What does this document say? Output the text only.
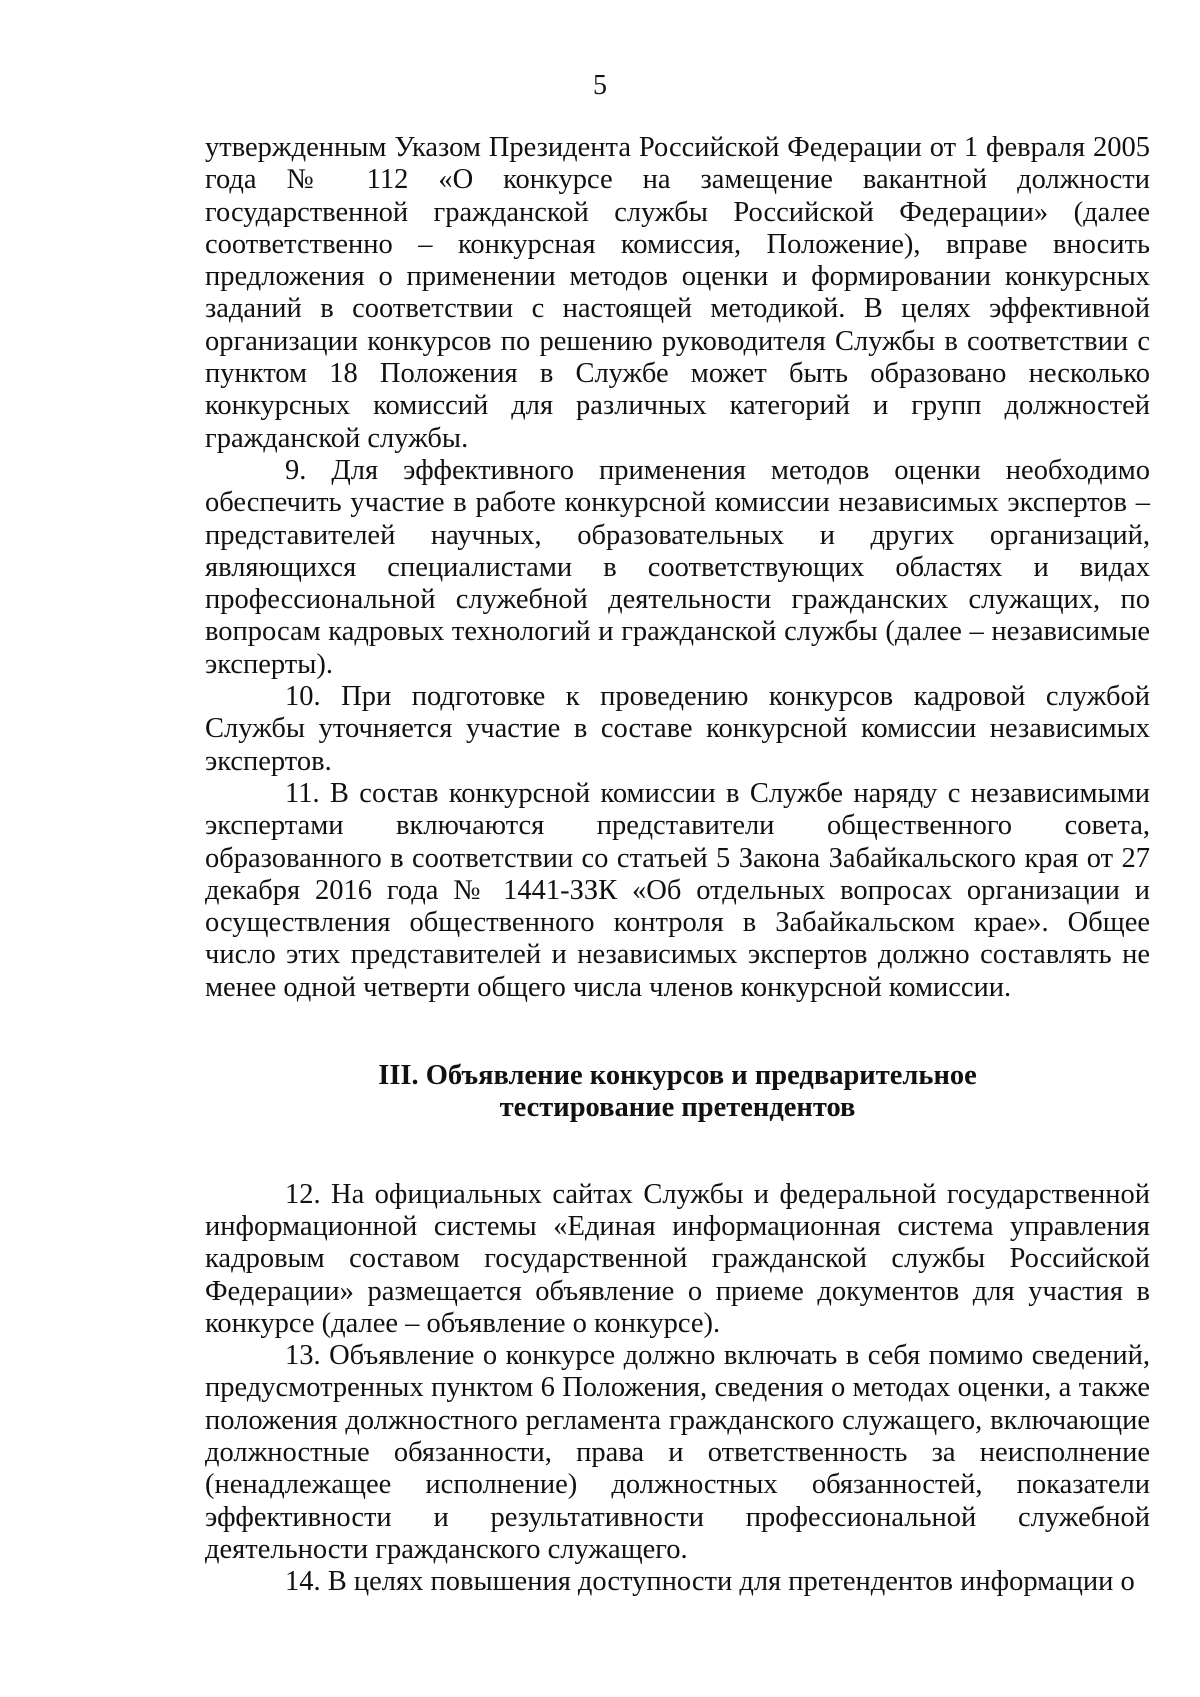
5

утвержденным Указом Президента Российской Федерации от 1 февраля 2005 года № 112 «О конкурсе на замещение вакантной должности государственной гражданской службы Российской Федерации» (далее соответственно – конкурсная комиссия, Положение), вправе вносить предложения о применении методов оценки и формировании конкурсных заданий в соответствии с настоящей методикой. В целях эффективной организации конкурсов по решению руководителя Службы в соответствии с пунктом 18 Положения в Службе может быть образовано несколько конкурсных комиссий для различных категорий и групп должностей гражданской службы.

9. Для эффективного применения методов оценки необходимо обеспечить участие в работе конкурсной комиссии независимых экспертов – представителей научных, образовательных и других организаций, являющихся специалистами в соответствующих областях и видах профессиональной служебной деятельности гражданских служащих, по вопросам кадровых технологий и гражданской службы (далее – независимые эксперты).

10. При подготовке к проведению конкурсов кадровой службой Службы уточняется участие в составе конкурсной комиссии независимых экспертов.

11. В состав конкурсной комиссии в Службе наряду с независимыми экспертами включаются представители общественного совета, образованного в соответствии со статьей 5 Закона Забайкальского края от 27 декабря 2016 года № 1441-ЗЗК «Об отдельных вопросах организации и осуществления общественного контроля в Забайкальском крае». Общее число этих представителей и независимых экспертов должно составлять не менее одной четверти общего числа членов конкурсной комиссии.

III. Объявление конкурсов и предварительное
тестирование претендентов

12. На официальных сайтах Службы и федеральной государственной информационной системы «Единая информационная система управления кадровым составом государственной гражданской службы Российской Федерации» размещается объявление о приеме документов для участия в конкурсе (далее – объявление о конкурсе).

13. Объявление о конкурсе должно включать в себя помимо сведений, предусмотренных пунктом 6 Положения, сведения о методах оценки, а также положения должностного регламента гражданского служащего, включающие должностные обязанности, права и ответственность за неисполнение (ненадлежащее исполнение) должностных обязанностей, показатели эффективности и результативности профессиональной служебной деятельности гражданского служащего.

14. В целях повышения доступности для претендентов информации о
